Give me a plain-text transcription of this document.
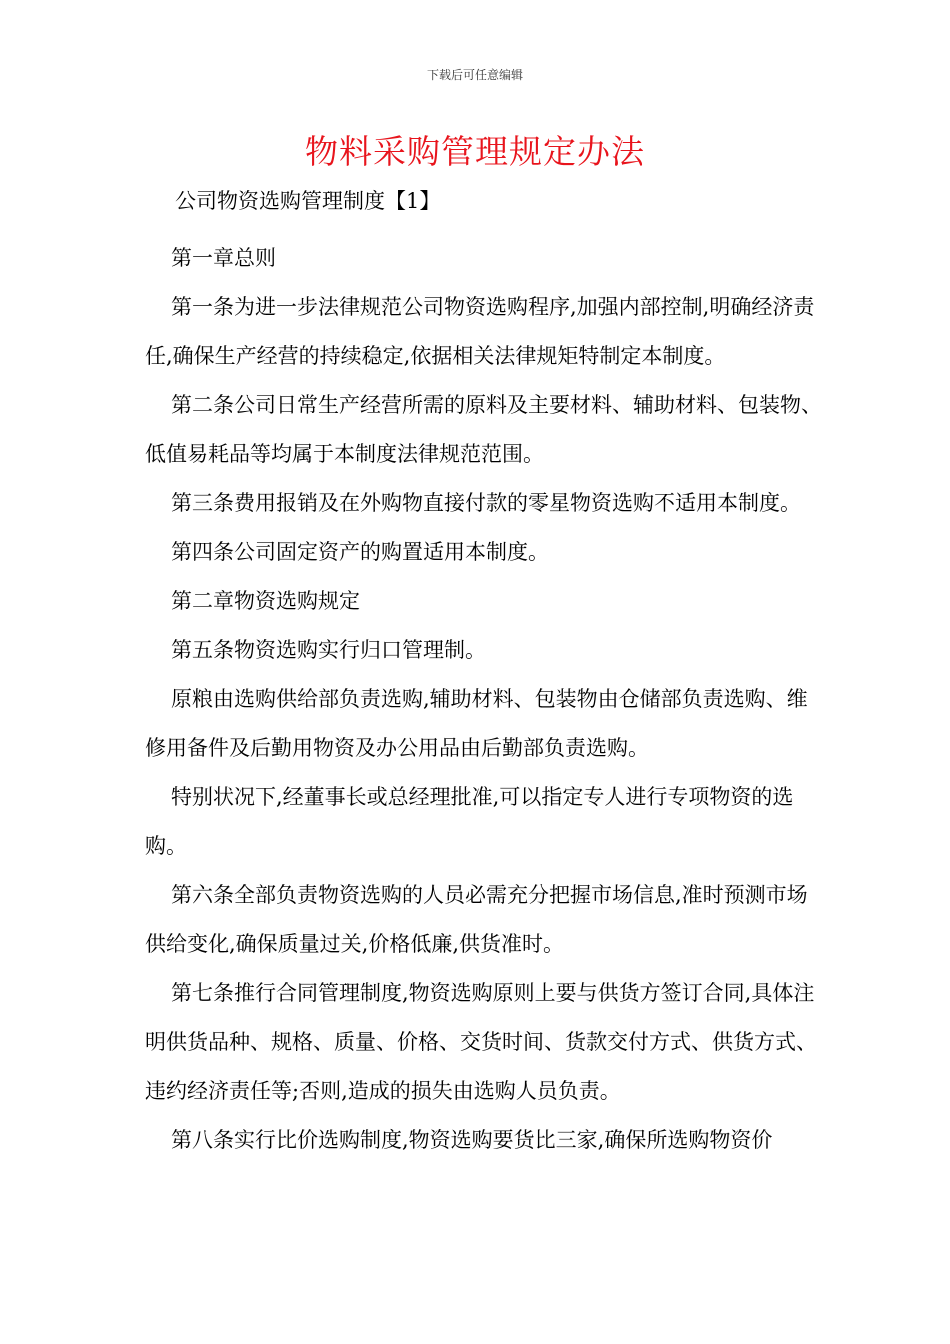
下载后可任意编辑
物料采购管理规定办法

公司物资选购管理制度【1】

第一章总则

第一条为进一步法律规范公司物资选购程序,加强内部控制,明确经济责任,确保生产经营的持续稳定,依据相关法律规矩特制定本制度。

第二条公司日常生产经营所需的原料及主要材料、辅助材料、包装物、低值易耗品等均属于本制度法律规范范围。

第三条费用报销及在外购物直接付款的零星物资选购不适用本制度。

第四条公司固定资产的购置适用本制度。

第二章物资选购规定

第五条物资选购实行归口管理制。

原粮由选购供给部负责选购,辅助材料、包装物由仓储部负责选购、维修用备件及后勤用物资及办公用品由后勤部负责选购。

特别状况下,经董事长或总经理批准,可以指定专人进行专项物资的选购。

第六条全部负责物资选购的人员必需充分把握市场信息,准时预测市场供给变化,确保质量过关,价格低廉,供货准时。

第七条推行合同管理制度,物资选购原则上要与供货方签订合同,具体注明供货品种、规格、质量、价格、交货时间、货款交付方式、供货方式、违约经济责任等;否则,造成的损失由选购人员负责。

第八条实行比价选购制度,物资选购要货比三家,确保所选购物资价
